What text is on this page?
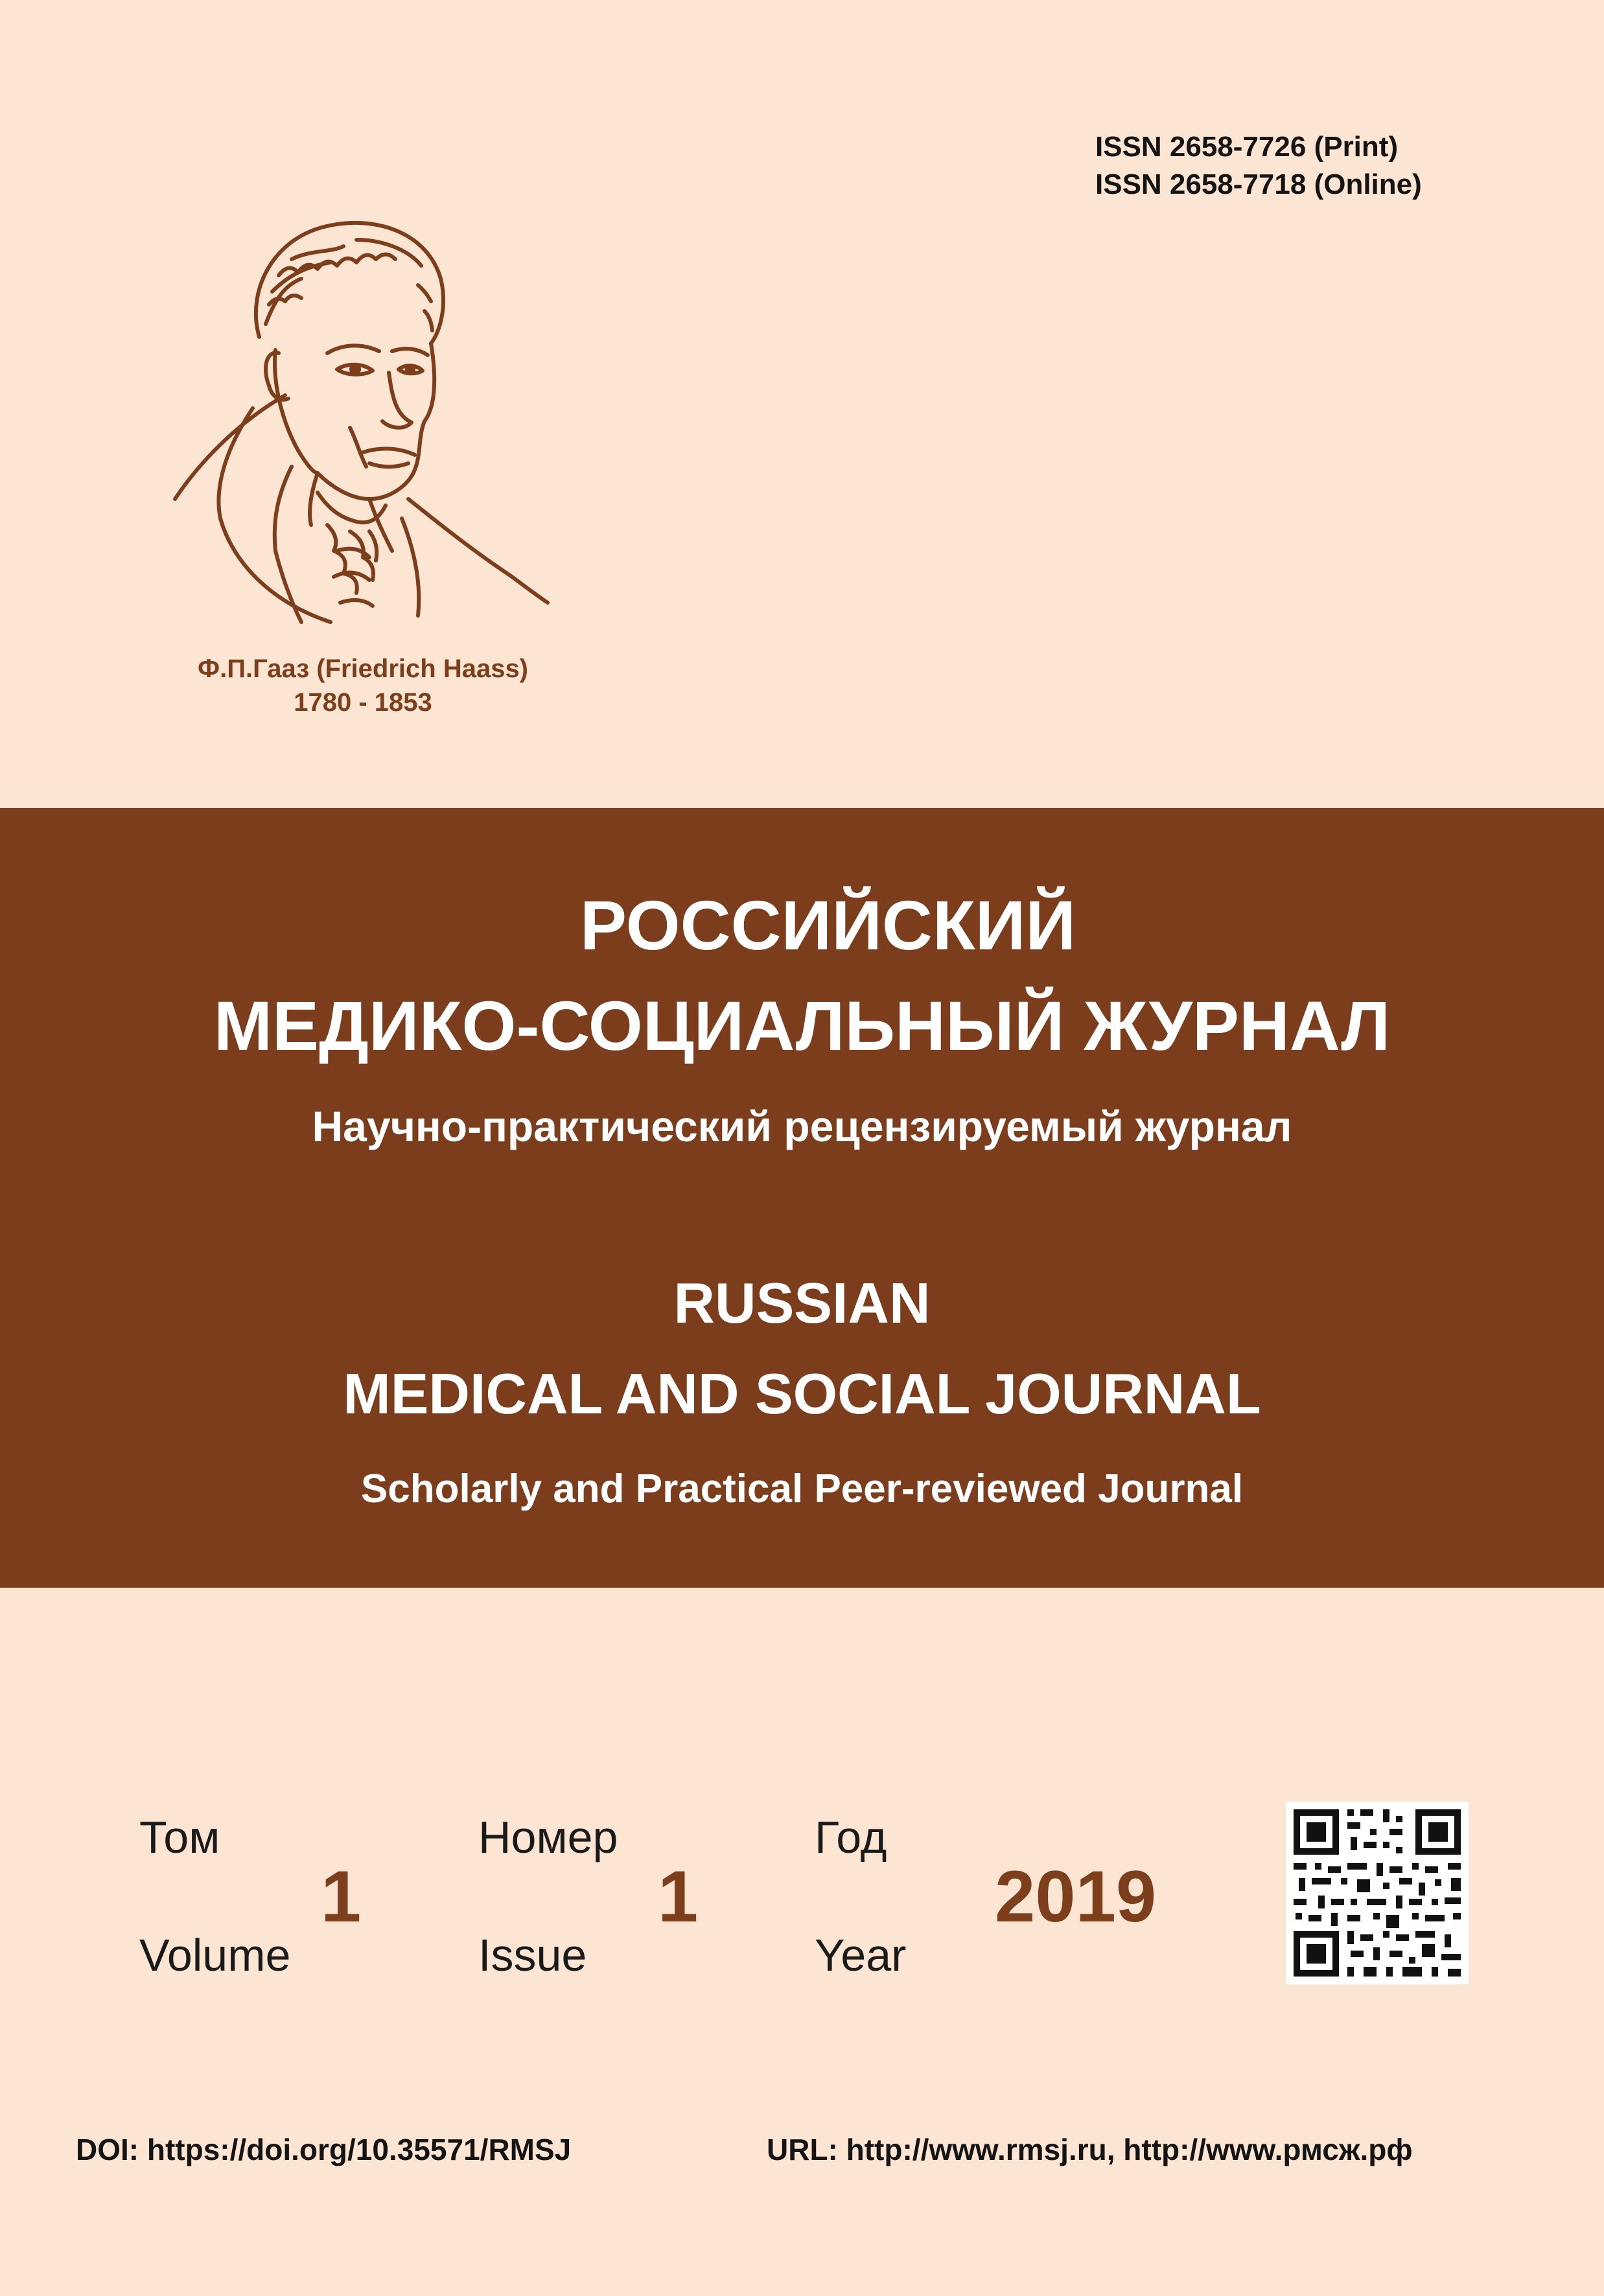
ISSN 2658-7726 (Print)
ISSN 2658-7718 (Online)
Ф.П.Гааз (Friedrich Haass)
1780 - 1853
РОССИЙСКИЙ
МЕДИКО-СОЦИАЛЬНЫЙ ЖУРНАЛ
Научно-практический рецензируемый журнал
RUSSIAN
MEDICAL AND SOCIAL JOURNAL
Scholarly and Practical Peer-reviewed Journal
Том
Volume
1
Номер
Issue
1
Год
Year
2019
DOI: https://doi.org/10.35571/RMSJ	URL: http://www.rmsj.ru, http://www.рмсж.рф
